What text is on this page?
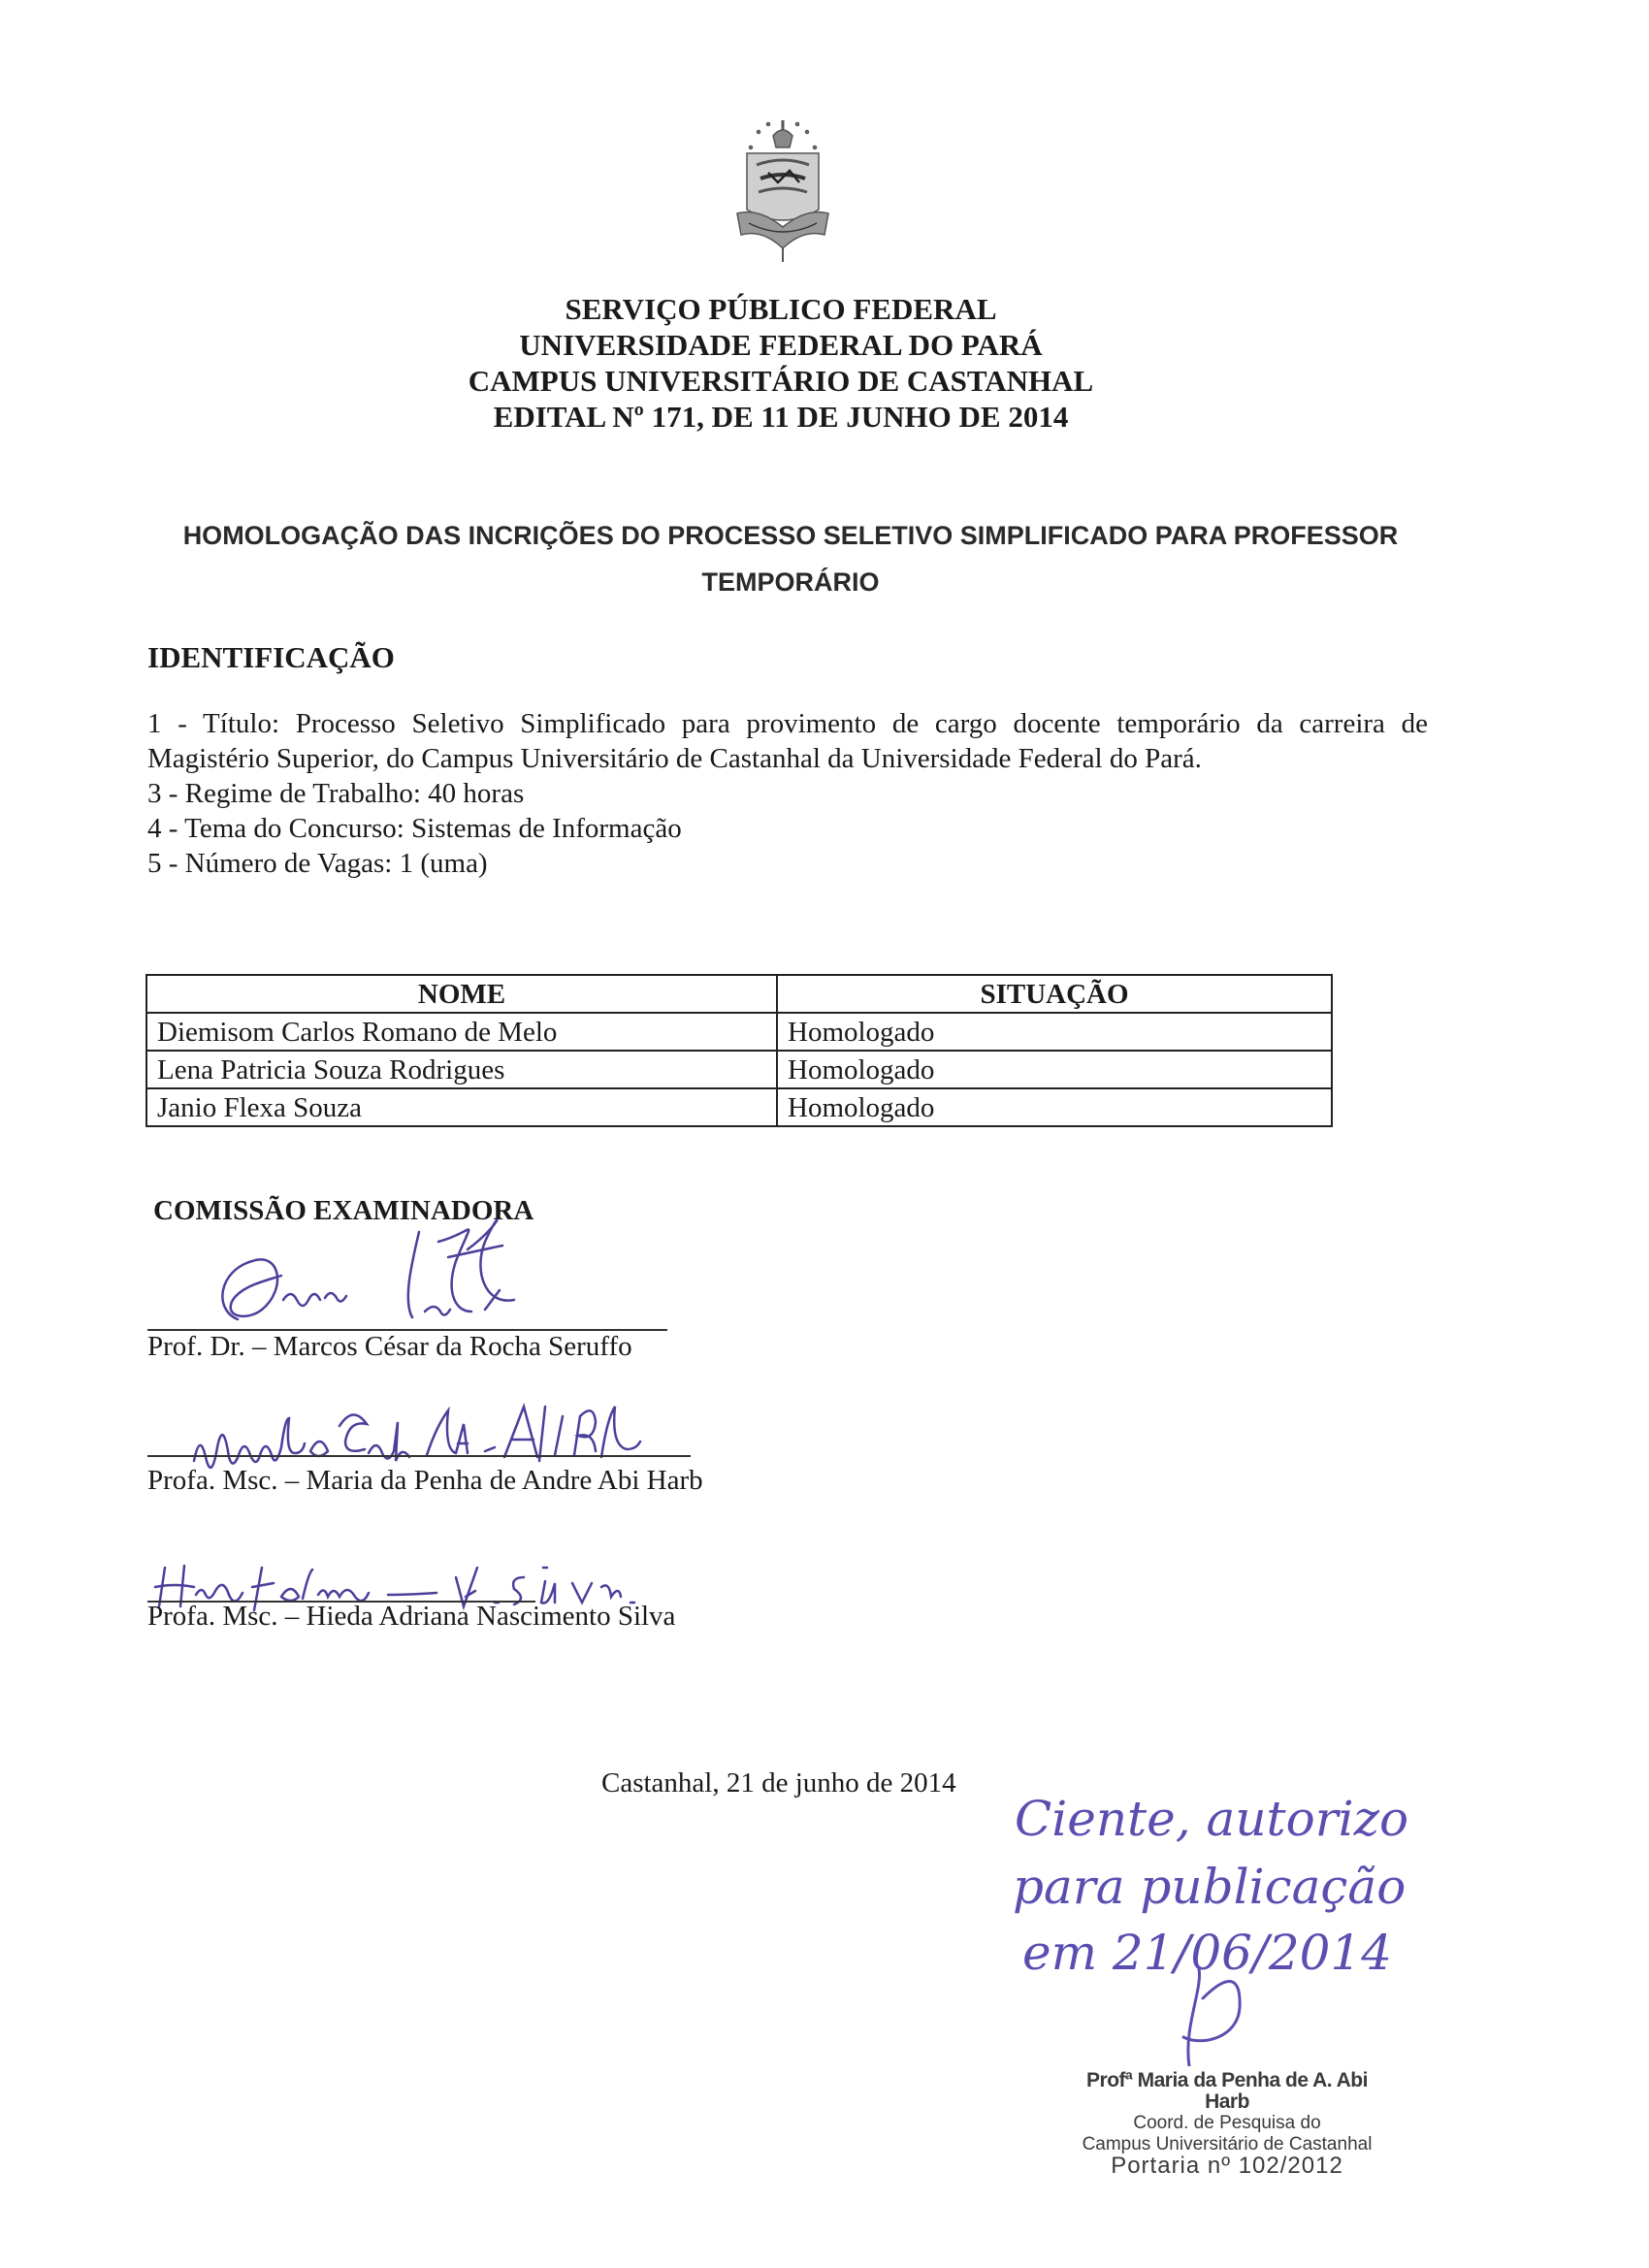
SERVIÇO PÚBLICO FEDERAL
UNIVERSIDADE FEDERAL DO PARÁ
CAMPUS UNIVERSITÁRIO DE CASTANHAL
EDITAL Nº 171, DE 11 DE JUNHO DE 2014
HOMOLOGAÇÃO DAS INCRIÇÕES DO PROCESSO SELETIVO SIMPLIFICADO PARA PROFESSOR
TEMPORÁRIO
IDENTIFICAÇÃO
1 - Título: Processo Seletivo Simplificado para provimento de cargo docente temporário da carreira de Magistério Superior, do Campus Universitário de Castanhal da Universidade Federal do Pará.
3 - Regime de Trabalho: 40 horas
4 - Tema do Concurso: Sistemas de Informação
5 - Número de Vagas: 1 (uma)
NOME	SITUAÇÃO
Diemisom Carlos Romano de Melo	Homologado
Lena Patricia Souza Rodrigues	Homologado
Janio Flexa Souza	Homologado
COMISSÃO EXAMINADORA
Prof. Dr. – Marcos César da Rocha Seruffo
Profa. Msc. – Maria da Penha de Andre Abi Harb
Profa. Msc. – Hieda Adriana Nascimento Silva
Castanhal, 21 de junho de 2014
Ciente, autorizo
para publicação
em 21/06/2014
Profª Maria da Penha de A. Abi Harb
Coord. de Pesquisa do
Campus Universitário de Castanhal
Portaria nº 102/2012
